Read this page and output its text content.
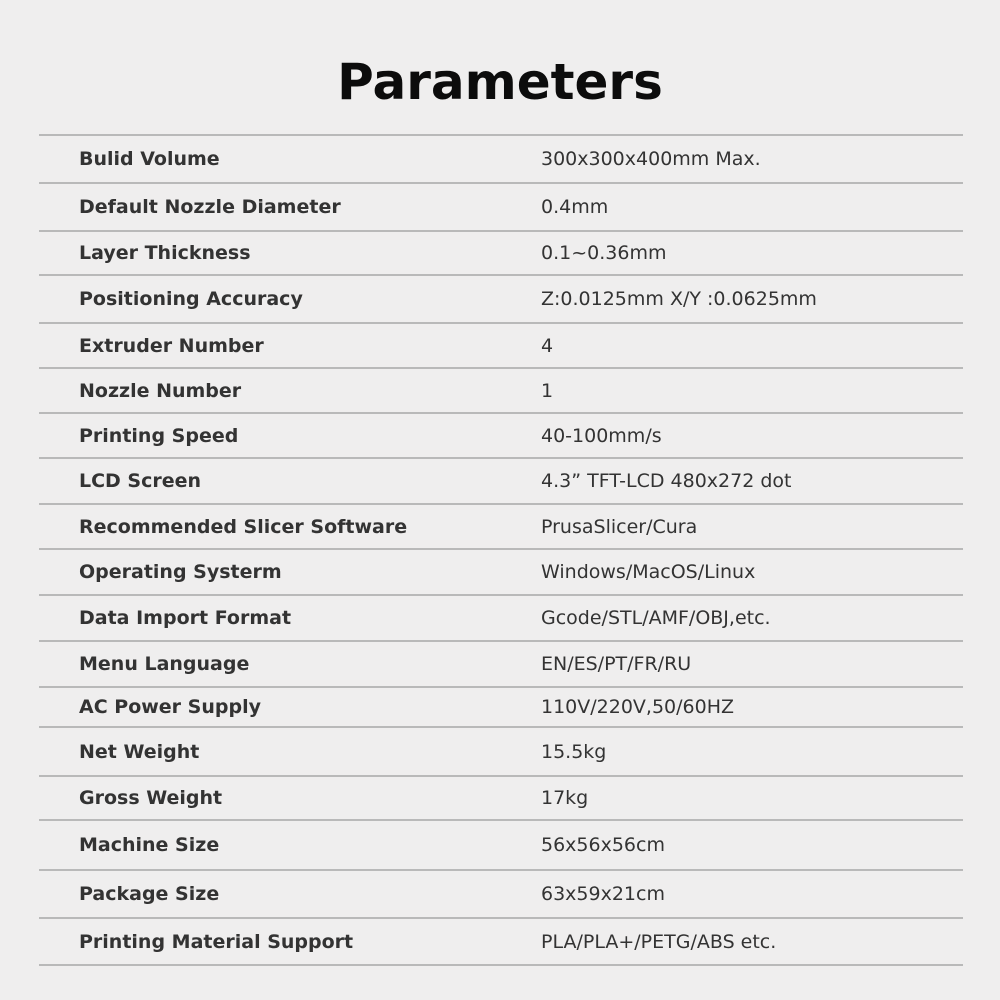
Parameters
Bulid Volume	300x300x400mm Max.
Default Nozzle Diameter	0.4mm
Layer Thickness	0.1~0.36mm
Positioning Accuracy	Z:0.0125mm X/Y :0.0625mm
Extruder Number	4
Nozzle Number	1
Printing Speed	40-100mm/s
LCD Screen	4.3” TFT-LCD 480x272 dot
Recommended Slicer Software	PrusaSlicer/Cura
Operating Systerm	Windows/MacOS/Linux
Data Import Format	Gcode/STL/AMF/OBJ,etc.
Menu Language	EN/ES/PT/FR/RU
AC Power Supply	110V/220V,50/60HZ
Net Weight	15.5kg
Gross Weight	17kg
Machine Size	56x56x56cm
Package Size	63x59x21cm
Printing Material Support	PLA/PLA+/PETG/ABS etc.
